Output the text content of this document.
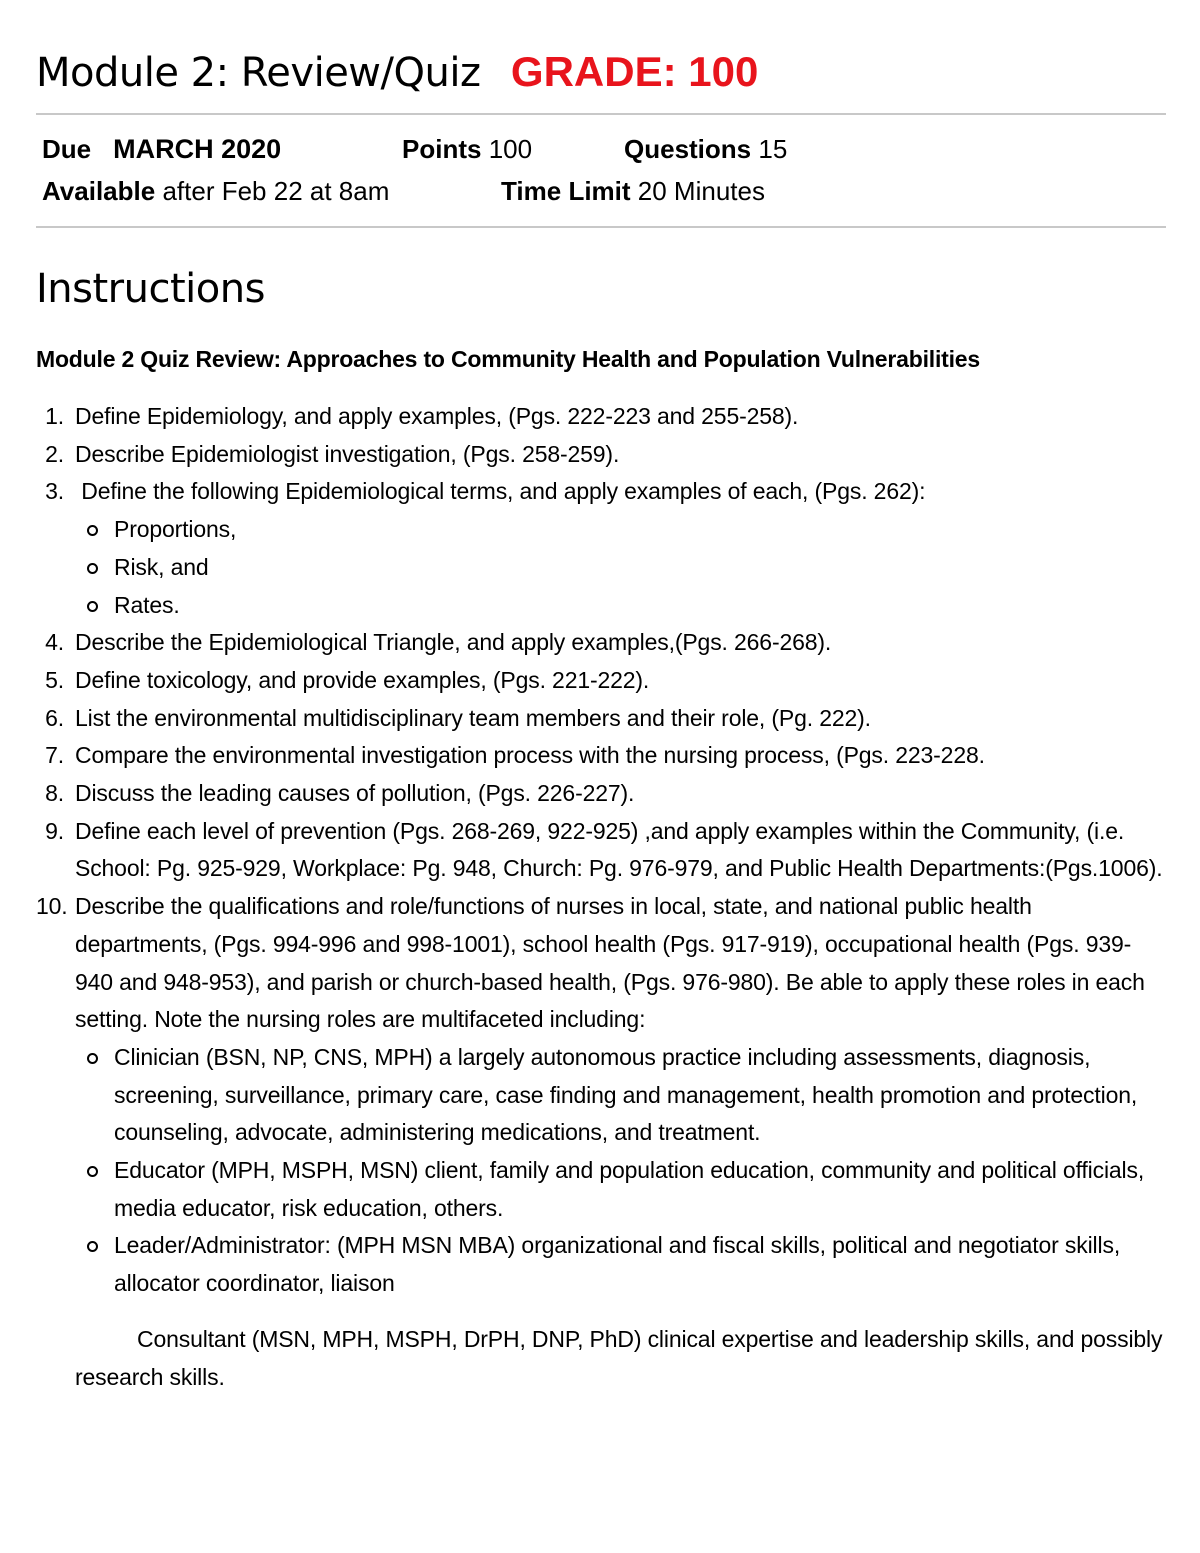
Module 2: Review/Quiz GRADE: 100
Due MARCH 2020	Points 100	Questions 15
Available after Feb 22 at 8am	Time Limit 20 Minutes
Instructions
Module 2 Quiz Review: Approaches to Community Health and Population Vulnerabilities
1. Define Epidemiology, and apply examples, (Pgs. 222-223 and 255-258).
2. Describe Epidemiologist investigation, (Pgs. 258-259).
3. Define the following Epidemiological terms, and apply examples of each, (Pgs. 262):
Proportions,
Risk, and
Rates.
4. Describe the Epidemiological Triangle, and apply examples,(Pgs. 266-268).
5. Define toxicology, and provide examples, (Pgs. 221-222).
6. List the environmental multidisciplinary team members and their role, (Pg. 222).
7. Compare the environmental investigation process with the nursing process, (Pgs. 223-228.
8. Discuss the leading causes of pollution, (Pgs. 226-227).
9. Define each level of prevention (Pgs. 268-269, 922-925) ,and apply examples within the Community, (i.e. School: Pg. 925-929, Workplace: Pg. 948, Church: Pg. 976-979, and Public Health Departments:(Pgs.1006).
10. Describe the qualifications and role/functions of nurses in local, state, and national public health departments, (Pgs. 994-996 and 998-1001), school health (Pgs. 917-919), occupational health (Pgs. 939-940 and 948-953), and parish or church-based health, (Pgs. 976-980). Be able to apply these roles in each setting. Note the nursing roles are multifaceted including:
Clinician (BSN, NP, CNS, MPH) a largely autonomous practice including assessments, diagnosis, screening, surveillance, primary care, case finding and management, health promotion and protection, counseling, advocate, administering medications, and treatment.
Educator (MPH, MSPH, MSN) client, family and population education, community and political officials, media educator, risk education, others.
Leader/Administrator: (MPH MSN MBA) organizational and fiscal skills, political and negotiator skills, allocator coordinator, liaison

Consultant (MSN, MPH, MSPH, DrPH, DNP, PhD) clinical expertise and leadership skills, and possibly research skills.
